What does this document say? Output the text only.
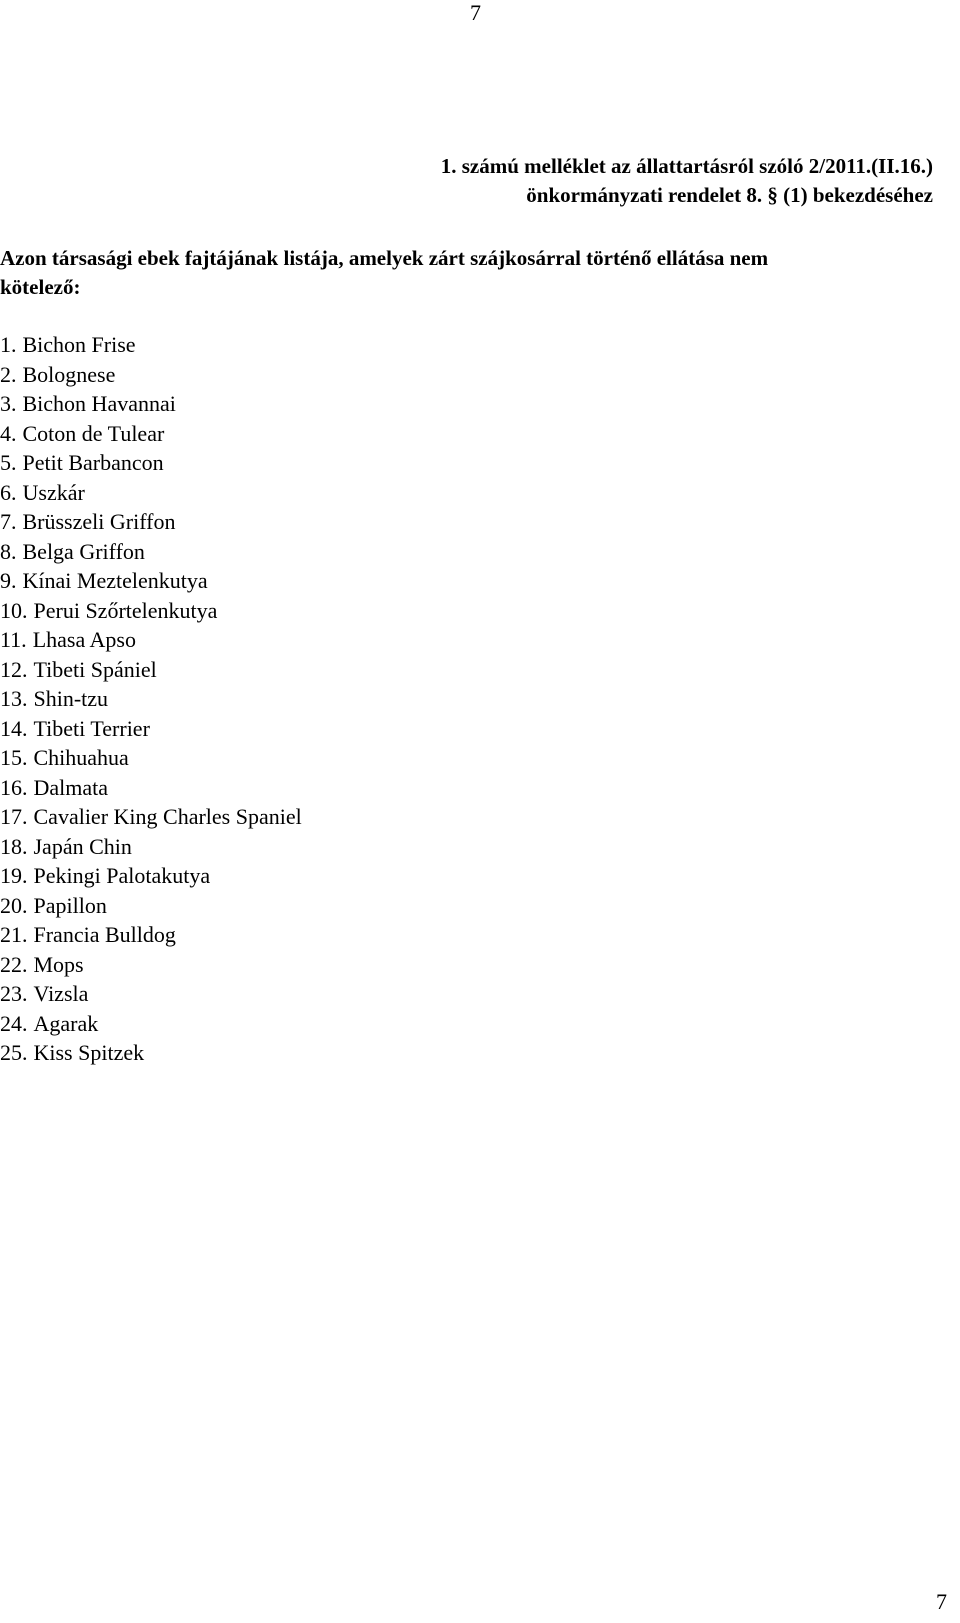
7
1. számú melléklet az állattartásról szóló 2/2011.(II.16.)
önkormányzati rendelet 8. § (1) bekezdéséhez
Azon társasági ebek fajtájának listája, amelyek zárt szájkosárral történő ellátása nem
kötelező:
1. Bichon Frise
2. Bolognese
3. Bichon Havannai
4. Coton de Tulear
5. Petit Barbancon
6. Uszkár
7. Brüsszeli Griffon
8. Belga Griffon
9. Kínai Meztelenkutya
10. Perui Szőrtelenkutya
11. Lhasa Apso
12. Tibeti Spániel
13. Shin-tzu
14. Tibeti Terrier
15. Chihuahua
16. Dalmata
17. Cavalier King Charles Spaniel
18. Japán Chin
19. Pekingi Palotakutya
20. Papillon
21. Francia Bulldog
22. Mops
23. Vizsla
24. Agarak
25. Kiss Spitzek
7
